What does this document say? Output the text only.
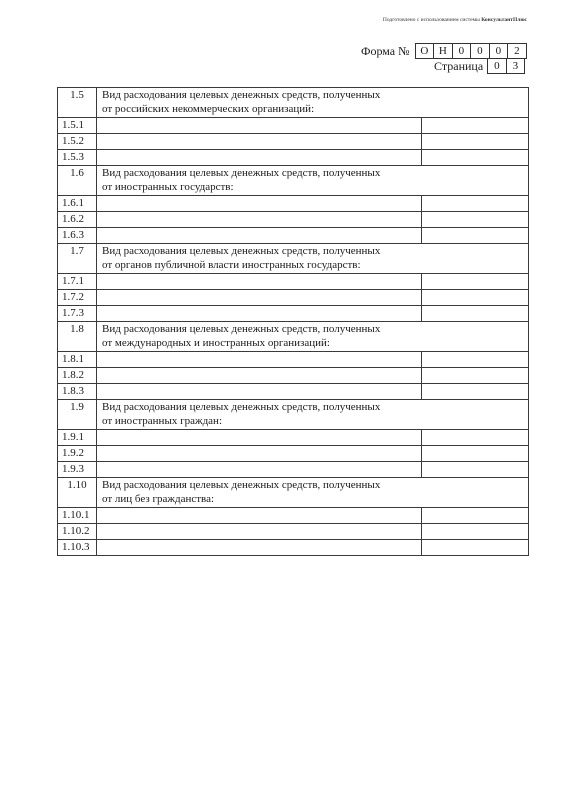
Подготовлено с использованием системы КонсультантПлюс
Форма № О Н	0	0	0	2
Страница	0	3
1.5	Вид расходования целевых денежных средств, полученных
от российских некоммерческих организаций:	

1.5.1		
1.5.2		
1.5.3		
1.6	Вид расходования целевых денежных средств, полученных
от иностранных государств:	

1.6.1		
1.6.2		
1.6.3		
1.7	Вид расходования целевых денежных средств, полученных
от органов публичной власти иностранных государств:	

1.7.1		
1.7.2		
1.7.3		
1.8	Вид расходования целевых денежных средств, полученных
от международных и иностранных организаций:	

1.8.1		
1.8.2		
1.8.3		
1.9	Вид расходования целевых денежных средств, полученных
от иностранных граждан:	

1.9.1		
1.9.2		
1.9.3		
1.10	Вид расходования целевых денежных средств, полученных
от лиц без гражданства:	

1.10.1		
1.10.2		
1.10.3		
